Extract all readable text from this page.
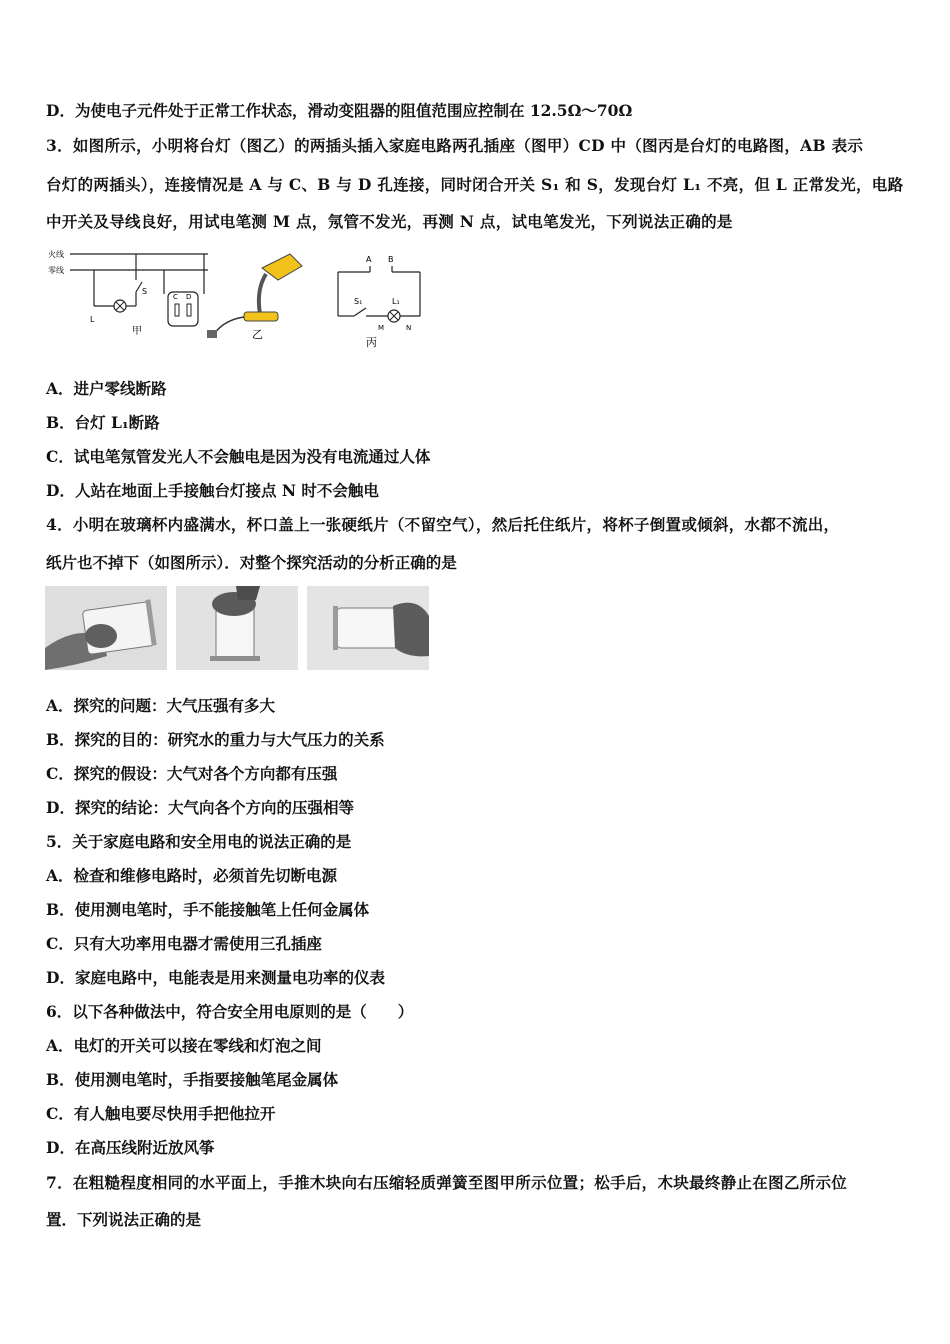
D．为使电子元件处于正常工作状态，滑动变阻器的阻值范围应控制在 12.5Ω～70Ω
3．如图所示，小明将台灯（图乙）的两插头插入家庭电路两孔插座（图甲）CD 中（图丙是台灯的电路图，AB 表示
台灯的两插头），连接情况是 A 与 C、B 与 D 孔连接，同时闭合开关 S₁ 和 S，发现台灯 L₁ 不亮，但 L 正常发光，电路
中开关及导线良好，用试电笔测 M 点，氖管不发光，再测 N 点，试电笔发光，下列说法正确的是
火线
零线
S
L
甲
C D
乙
A B
S₁	L₁
M	N
丙
A．进户零线断路
B．台灯 L₁断路
C．试电笔氖管发光人不会触电是因为没有电流通过人体
D．人站在地面上手接触台灯接点 N 时不会触电
4．小明在玻璃杯内盛满水，杯口盖上一张硬纸片（不留空气），然后托住纸片，将杯子倒置或倾斜，水都不流出，
纸片也不掉下（如图所示）．对整个探究活动的分析正确的是
A．探究的问题：大气压强有多大
B．探究的目的：研究水的重力与大气压力的关系
C．探究的假设：大气对各个方向都有压强
D．探究的结论：大气向各个方向的压强相等
5．关于家庭电路和安全用电的说法正确的是
A．检查和维修电路时，必须首先切断电源
B．使用测电笔时，手不能接触笔上任何金属体
C．只有大功率用电器才需使用三孔插座
D．家庭电路中，电能表是用来测量电功率的仪表
6．以下各种做法中，符合安全用电原则的是（　　）
A．电灯的开关可以接在零线和灯泡之间
B．使用测电笔时，手指要接触笔尾金属体
C．有人触电要尽快用手把他拉开
D．在高压线附近放风筝
7．在粗糙程度相同的水平面上，手推木块向右压缩轻质弹簧至图甲所示位置；松手后，木块最终静止在图乙所示位
置．下列说法正确的是
